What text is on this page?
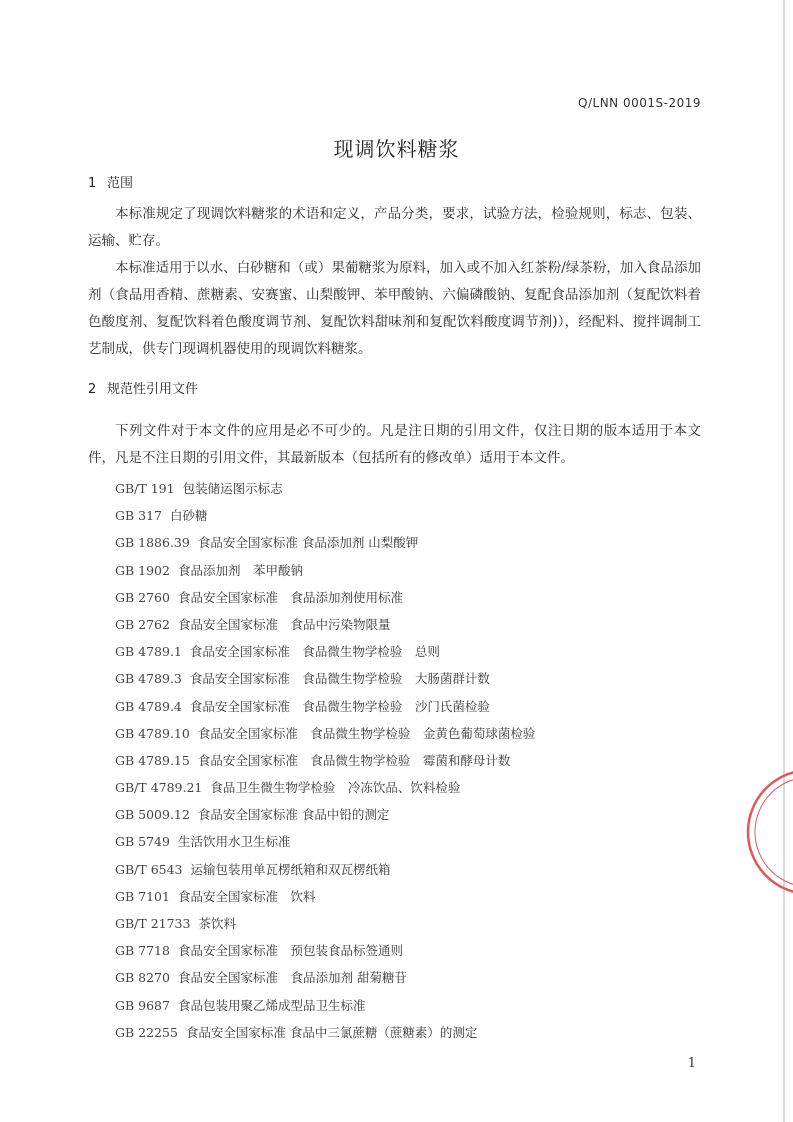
Q/LNN 0001S-2019
现调饮料糖浆
1 范围

本标准规定了现调饮料糖浆的术语和定义，产品分类，要求，试验方法，检验规则，标志、包装、运输、贮存。

本标准适用于以水、白砂糖和（或）果葡糖浆为原料，加入或不加入红茶粉/绿茶粉，加入食品添加剂（食品用香精、蔗糖素、安赛蜜、山梨酸钾、苯甲酸钠、六偏磷酸钠、复配食品添加剂（复配饮料着色酸度剂、复配饮料着色酸度调节剂、复配饮料甜味剂和复配饮料酸度调节剂)），经配料、搅拌调制工艺制成，供专门现调机器使用的现调饮料糖浆。

2 规范性引用文件

下列文件对于本文件的应用是必不可少的。凡是注日期的引用文件，仅注日期的版本适用于本文件，凡是不注日期的引用文件，其最新版本（包括所有的修改单）适用于本文件。

GB/T 191 包装储运图示标志
GB 317 白砂糖
GB 1886.39 食品安全国家标准 食品添加剂 山梨酸钾
GB 1902 食品添加剂　苯甲酸钠
GB 2760 食品安全国家标准　食品添加剂使用标准
GB 2762 食品安全国家标准　食品中污染物限量
GB 4789.1 食品安全国家标准　食品微生物学检验　总则
GB 4789.3 食品安全国家标准　食品微生物学检验　大肠菌群计数
GB 4789.4 食品安全国家标准　食品微生物学检验　沙门氏菌检验
GB 4789.10 食品安全国家标准　食品微生物学检验　金黄色葡萄球菌检验
GB 4789.15 食品安全国家标准　食品微生物学检验　霉菌和酵母计数
GB/T 4789.21 食品卫生微生物学检验　冷冻饮品、饮料检验
GB 5009.12 食品安全国家标准 食品中铅的测定
GB 5749 生活饮用水卫生标准
GB/T 6543 运输包装用单瓦楞纸箱和双瓦楞纸箱
GB 7101 食品安全国家标准　饮料
GB/T 21733 茶饮料
GB 7718 食品安全国家标准　预包装食品标签通则
GB 8270 食品安全国家标准　食品添加剂 甜菊糖苷
GB 9687 食品包装用聚乙烯成型品卫生标准
GB 22255 食品安全国家标准 食品中三氯蔗糖（蔗糖素）的测定
1
